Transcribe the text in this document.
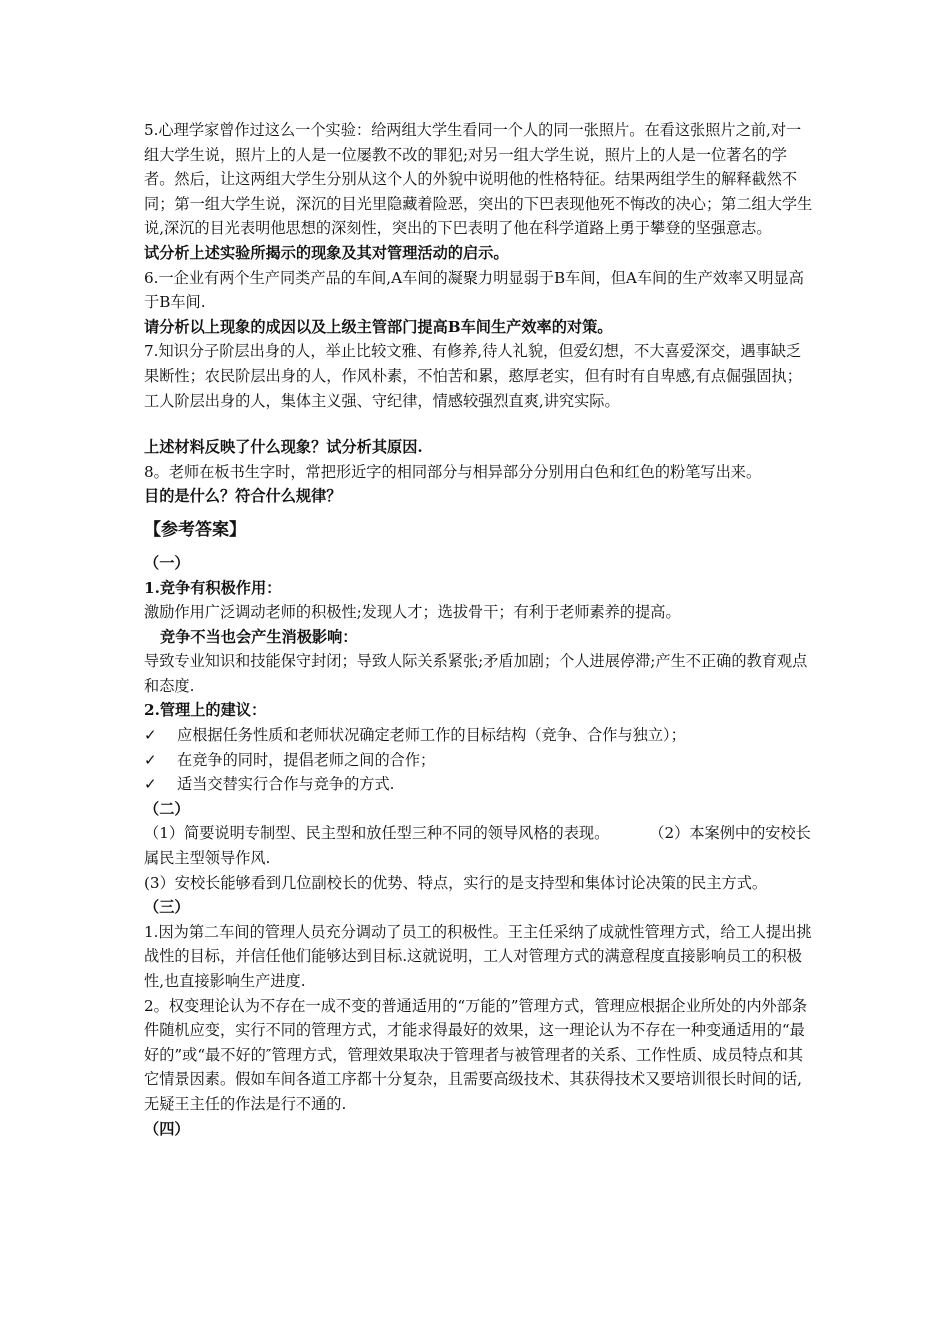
5.心理学家曾作过这么一个实验：给两组大学生看同一个人的同一张照片。在看这张照片之前,对一组大学生说，照片上的人是一位屡教不改的罪犯;对另一组大学生说，照片上的人是一位著名的学者。然后，让这两组大学生分别从这个人的外貌中说明他的性格特征。结果两组学生的解释截然不同；第一组大学生说，深沉的目光里隐藏着险恶，突出的下巴表现他死不悔改的决心；第二组大学生说,深沉的目光表明他思想的深刻性，突出的下巴表明了他在科学道路上勇于攀登的坚强意志。

试分析上述实验所揭示的现象及其对管理活动的启示。

6.一企业有两个生产同类产品的车间,A车间的凝聚力明显弱于B车间，但A车间的生产效率又明显高于B车间.

请分析以上现象的成因以及上级主管部门提高B车间生产效率的对策。

7.知识分子阶层出身的人，举止比较文雅、有修养,待人礼貌，但爱幻想，不大喜爱深交，遇事缺乏果断性；农民阶层出身的人，作风朴素，不怕苦和累，憨厚老实，但有时有自卑感,有点倔强固执；工人阶层出身的人，集体主义强、守纪律，情感较强烈直爽,讲究实际。

上述材料反映了什么现象？试分析其原因.

8。老师在板书生字时，常把形近字的相同部分与相异部分分别用白色和红色的粉笔写出来。

目的是什么？符合什么规律？

【参考答案】

（一）

1.竞争有积极作用：

激励作用广泛调动老师的积极性;发现人才；选拔骨干；有利于老师素养的提高。

竞争不当也会产生消极影响：

导致专业知识和技能保守封闭；导致人际关系紧张;矛盾加剧；个人进展停滞;产生不正确的教育观点和态度.

2.管理上的建议：

✓	应根据任务性质和老师状况确定老师工作的目标结构（竞争、合作与独立）；

✓	在竞争的同时，提倡老师之间的合作；

✓	适当交替实行合作与竞争的方式.

（二）

（1）简要说明专制型、民主型和放任型三种不同的领导风格的表现。	（2）本案例中的安校长属民主型领导作风.

(3）安校长能够看到几位副校长的优势、特点，实行的是支持型和集体讨论决策的民主方式。

（三）

1.因为第二车间的管理人员充分调动了员工的积极性。王主任采纳了成就性管理方式，给工人提出挑战性的目标，并信任他们能够达到目标.这就说明，工人对管理方式的满意程度直接影响员工的积极性,也直接影响生产进度.

2。权变理论认为不存在一成不变的普通适用的“万能的”管理方式，管理应根据企业所处的内外部条件随机应变，实行不同的管理方式，才能求得最好的效果，这一理论认为不存在一种变通适用的“最好的”或“最不好的″管理方式，管理效果取决于管理者与被管理者的关系、工作性质、成员特点和其它情景因素。假如车间各道工序都十分复杂，且需要高级技术、其获得技术又要培训很长时间的话,无疑王主任的作法是行不通的.

（四）
